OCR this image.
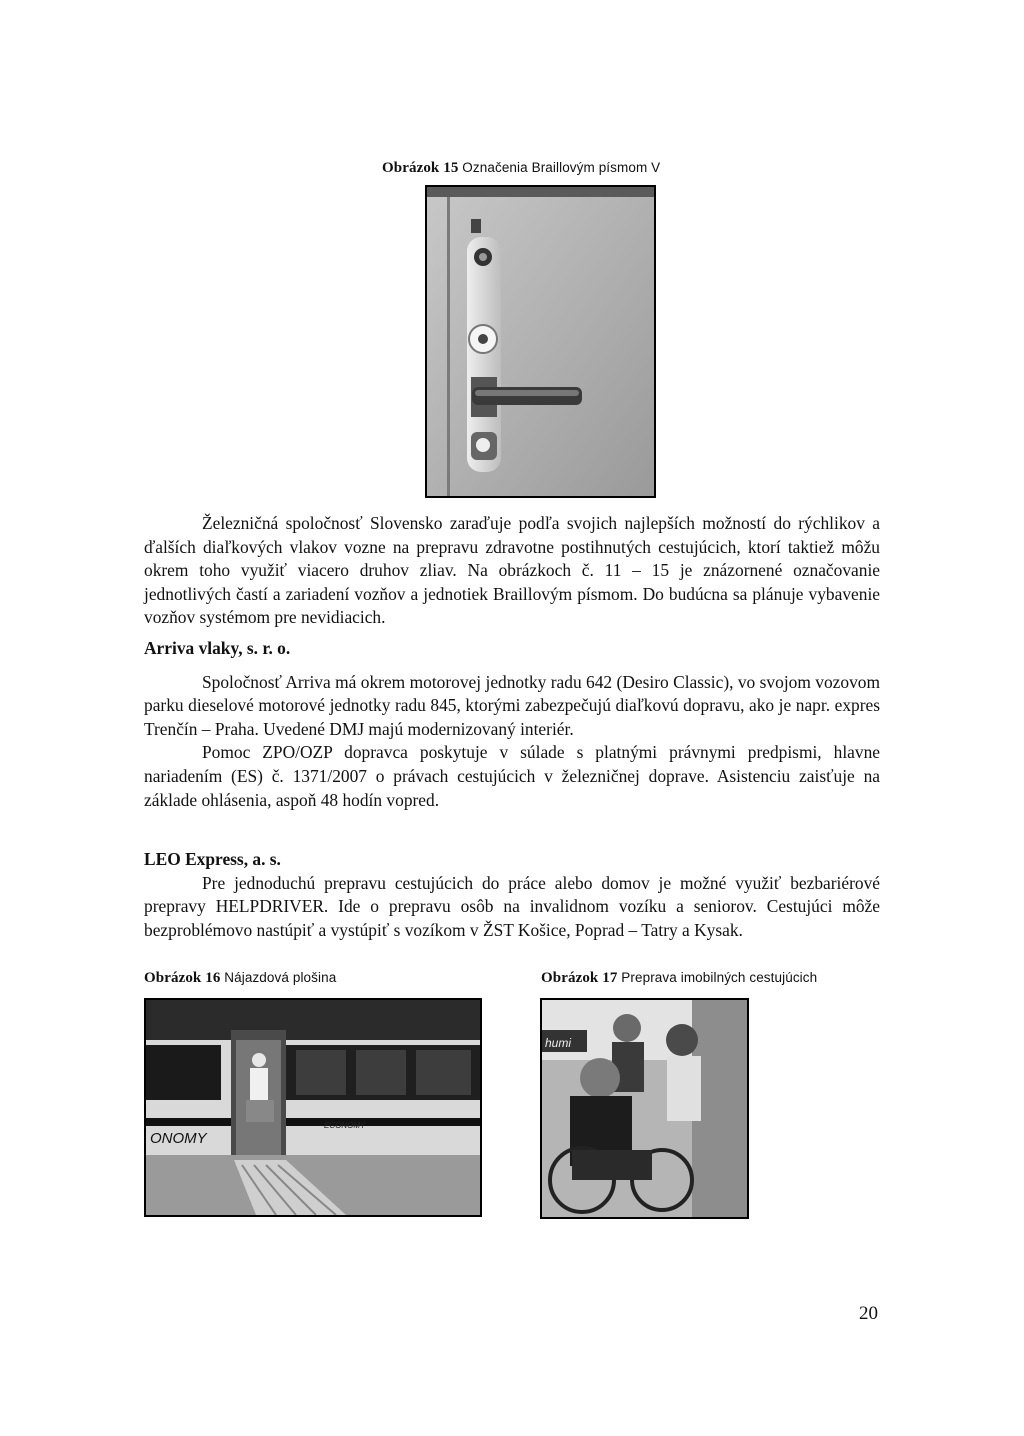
Obrázok 15 Označenia Braillovým písmom V

Železničná spoločnosť Slovensko zaraďuje podľa svojich najlepších možností do rýchlikov a ďalších diaľkových vlakov vozne na prepravu zdravotne postihnutých cestujúcich, ktorí taktiež môžu okrem toho využiť viacero druhov zliav. Na obrázkoch č. 11 – 15 je znázornené označovanie jednotlivých častí a zariadení vozňov a jednotiek Braillovým písmom. Do budúcna sa plánuje vybavenie vozňov systémom pre nevidiacich.

Arriva vlaky, s. r. o.

Spoločnosť Arriva má okrem motorovej jednotky radu 642 (Desiro Classic), vo svojom vozovom parku dieselové motorové jednotky radu 845, ktorými zabezpečujú diaľkovú dopravu, ako je napr. expres Trenčín – Praha. Uvedené DMJ majú modernizovaný interiér.

Pomoc ZPO/OZP dopravca poskytuje v súlade s platnými právnymi predpismi, hlavne nariadením (ES) č. 1371/2007 o právach cestujúcich v železničnej doprave. Asistenciu zaisťuje na základe ohlásenia, aspoň 48 hodín vopred.

LEO Express, a. s.

Pre jednoduchú prepravu cestujúcich do práce alebo domov je možné využiť bezbariérové prepravy HELPDRIVER. Ide o prepravu osôb na invalidnom vozíku a seniorov. Cestujúci môže bezproblémovo nastúpiť a vystúpiť s vozíkom v ŽST Košice, Poprad – Tatry a Kysak.

Obrázok 16 Nájazdová plošina
ONOMY
ECONOMY
Obrázok 17 Preprava imobilných cestujúcich
humi
20
